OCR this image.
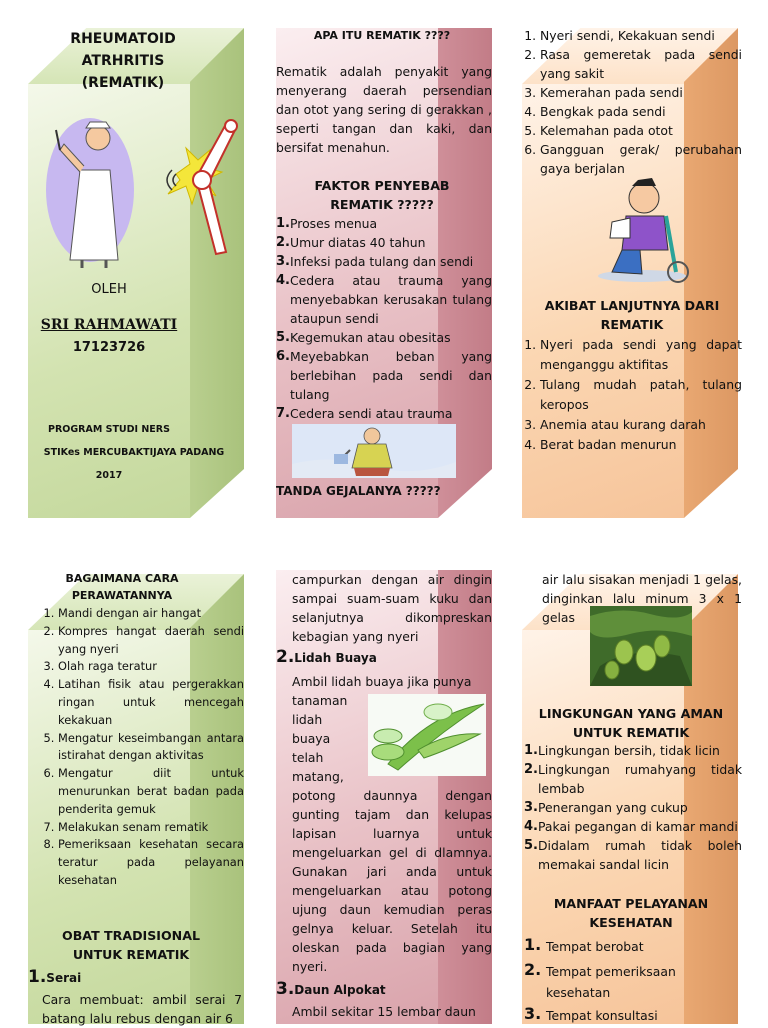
RHEUMATOID
ATRHRITIS
(REMATIK)
OLEH
SRI RAHMAWATI
17123726
PROGRAM STUDI NERS
STIKes MERCUBAKTIJAYA PADANG
2017
APA ITU REMATIK ????
Rematik adalah penyakit yang menyerang daerah persendian dan otot yang sering di gerakkan , seperti tangan dan kaki, dan bersifat menahun.
FAKTOR PENYEBAB
REMATIK ?????
1. Proses menua
2. Umur diatas 40 tahun
3. Infeksi pada tulang dan sendi
4. Cedera atau trauma yang menyebabkan kerusakan tulang ataupun sendi
5. Kegemukan atau obesitas
6. Meyebabkan beban yang berlebihan pada sendi dan tulang
7. Cedera sendi atau trauma
TANDA GEJALANYA ?????
1. Nyeri sendi, Kekakuan sendi
2. Rasa gemeretak pada sendi yang sakit
3. Kemerahan pada sendi
4. Bengkak pada sendi
5. Kelemahan pada otot
6. Gangguan gerak/ perubahan gaya berjalan
AKIBAT LANJUTNYA DARI
REMATIK
1. Nyeri pada sendi yang dapat menganggu aktifitas
2. Tulang mudah patah, tulang keropos
3. Anemia atau kurang darah
4. Berat badan menurun
BAGAIMANA CARA
PERAWATANNYA
1. Mandi dengan air hangat
2. Kompres hangat daerah sendi yang nyeri
3. Olah raga teratur
4. Latihan fisik atau pergerakkan ringan untuk mencegah kekakuan
5. Mengatur keseimbangan antara istirahat dengan aktivitas
6. Mengatur diit untuk menurunkan berat badan pada penderita gemuk
7. Melakukan senam rematik
8. Pemeriksaan kesehatan secara teratur pada pelayanan kesehatan
OBAT TRADISIONAL
UNTUK REMATIK
1.Serai
Cara membuat: ambil serai 7 batang lalu rebus dengan air 6
campurkan dengan air dingin sampai suam-suam kuku dan selanjutnya dikompreskan kebagian yang nyeri
2.Lidah Buaya
Ambil lidah buaya jika punya
tanaman
lidah
buaya
telah
matang,
potong daunnya dengan gunting tajam dan kelupas lapisan luarnya untuk mengeluarkan gel di dlamnya. Gunakan jari anda untuk mengeluarkan atau potong ujung daun kemudian peras gelnya keluar. Setelah itu oleskan pada bagian yang nyeri.
3.Daun Alpokat
Ambil sekitar 15 lembar daun
air lalu sisakan menjadi 1 gelas, dinginkan lalu minum 3 x 1 gelas
LINGKUNGAN YANG AMAN
UNTUK REMATIK
1. Lingkungan bersih, tidak licin
2. Lingkungan rumahyang tidak lembab
3. Penerangan yang cukup
4. Pakai pegangan di kamar mandi
5. Didalam rumah tidak boleh memakai sandal licin
MANFAAT PELAYANAN
KESEHATAN
1. Tempat berobat
2. Tempat pemeriksaan kesehatan
3. Tempat konsultasi
